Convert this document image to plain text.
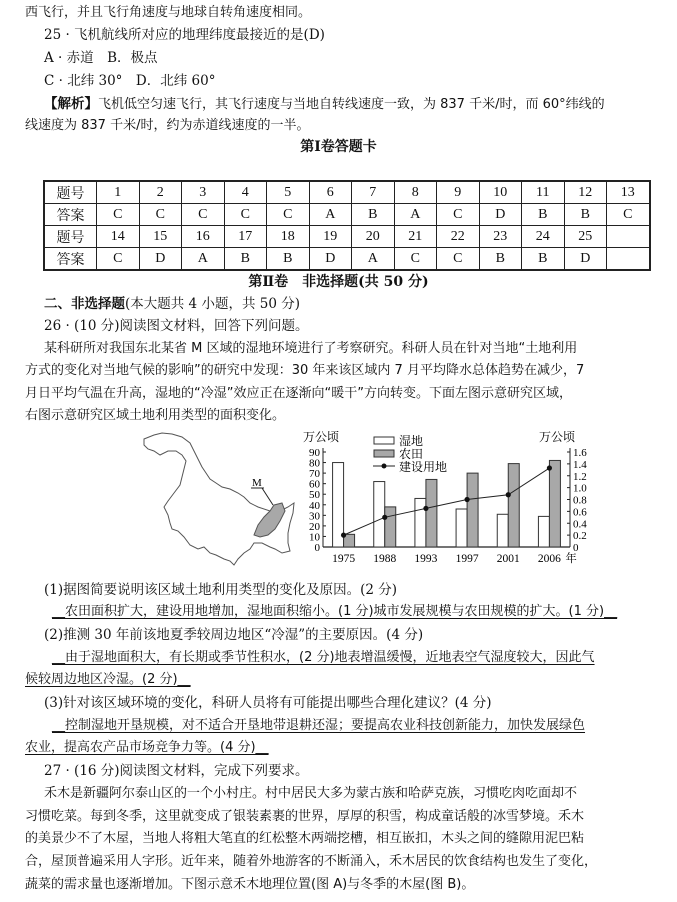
西飞行，并且飞行角速度与地球自转角速度相同。
25 · 飞机航线所对应的地理纬度最接近的是(D)
A · 赤道　B．极点
C · 北纬 30°　D．北纬 60°
【解析】飞机低空匀速飞行，其飞行速度与当地自转线速度一致，为 837 千米/时，而 60°纬线的
线速度为 837 千米/时，约为赤道线速度的一半。
第Ⅰ卷答题卡
题号	1	2	3	4	5	6	7	8	9	10	11	12	13
答案	C	C	C	C	C	A	B	A	C	D	B	B	C
题号	14	15	16	17	18	19	20	21	22	23	24	25	
答案	C	D	A	B	B	D	A	C	C	B	B	D	
第Ⅱ卷　非选择题(共 50 分)
二、非选择题(本大题共 4 小题，共 50 分)
26 · (10 分)阅读图文材料，回答下列问题。
某科研所对我国东北某省 M 区域的湿地环境进行了考察研究。科研人员在针对当地“土地利用
方式的变化对当地气候的影响”的研究中发现：30 年来该区域内 7 月平均降水总体趋势在减少，7
月日平均气温在升高，湿地的“冷湿”效应正在逐渐向“暖干”方向转变。下面左图示意研究区域，
右图示意研究区域土地利用类型的面积变化。
M
万公顷	万公顷
0
10
20
30
40
50
60
70
80
90
0
0.2
0.4
0.6
0.8
1.0
1.2
1.4
1.6
1975 1988 1993 1997 2001 2006 年
湿地
农田
建设用地
(1)据图简要说明该区域土地利用类型的变化及原因。(2 分)
__农田面积扩大，建设用地增加，湿地面积缩小。(1 分)城市发展规模与农田规模的扩大。(1 分)__
(2)推测 30 年前该地夏季较周边地区“冷湿”的主要原因。(4 分)
__由于湿地面积大，有长期或季节性积水，(2 分)地表增温缓慢，近地表空气湿度较大，因此气
候较周边地区冷湿。(2 分)__
(3)针对该区域环境的变化，科研人员将有可能提出哪些合理化建议？(4 分)
__控制湿地开垦规模，对不适合开垦地带退耕还湿；要提高农业科技创新能力，加快发展绿色
农业，提高农产品市场竞争力等。(4 分)__
27 · (16 分)阅读图文材料，完成下列要求。
禾木是新疆阿尔泰山区的一个小村庄。村中居民大多为蒙古族和哈萨克族，习惯吃肉吃面却不
习惯吃菜。每到冬季，这里就变成了银装素裹的世界，厚厚的积雪，构成童话般的冰雪梦境。禾木
的美景少不了木屋，当地人将粗大笔直的红松整木两端挖槽，相互嵌扣，木头之间的缝隙用泥巴粘
合，屋顶普遍采用人字形。近年来，随着外地游客的不断涌入，禾木居民的饮食结构也发生了变化，
蔬菜的需求量也逐渐增加。下图示意禾木地理位置(图 A)与冬季的木屋(图 B)。
